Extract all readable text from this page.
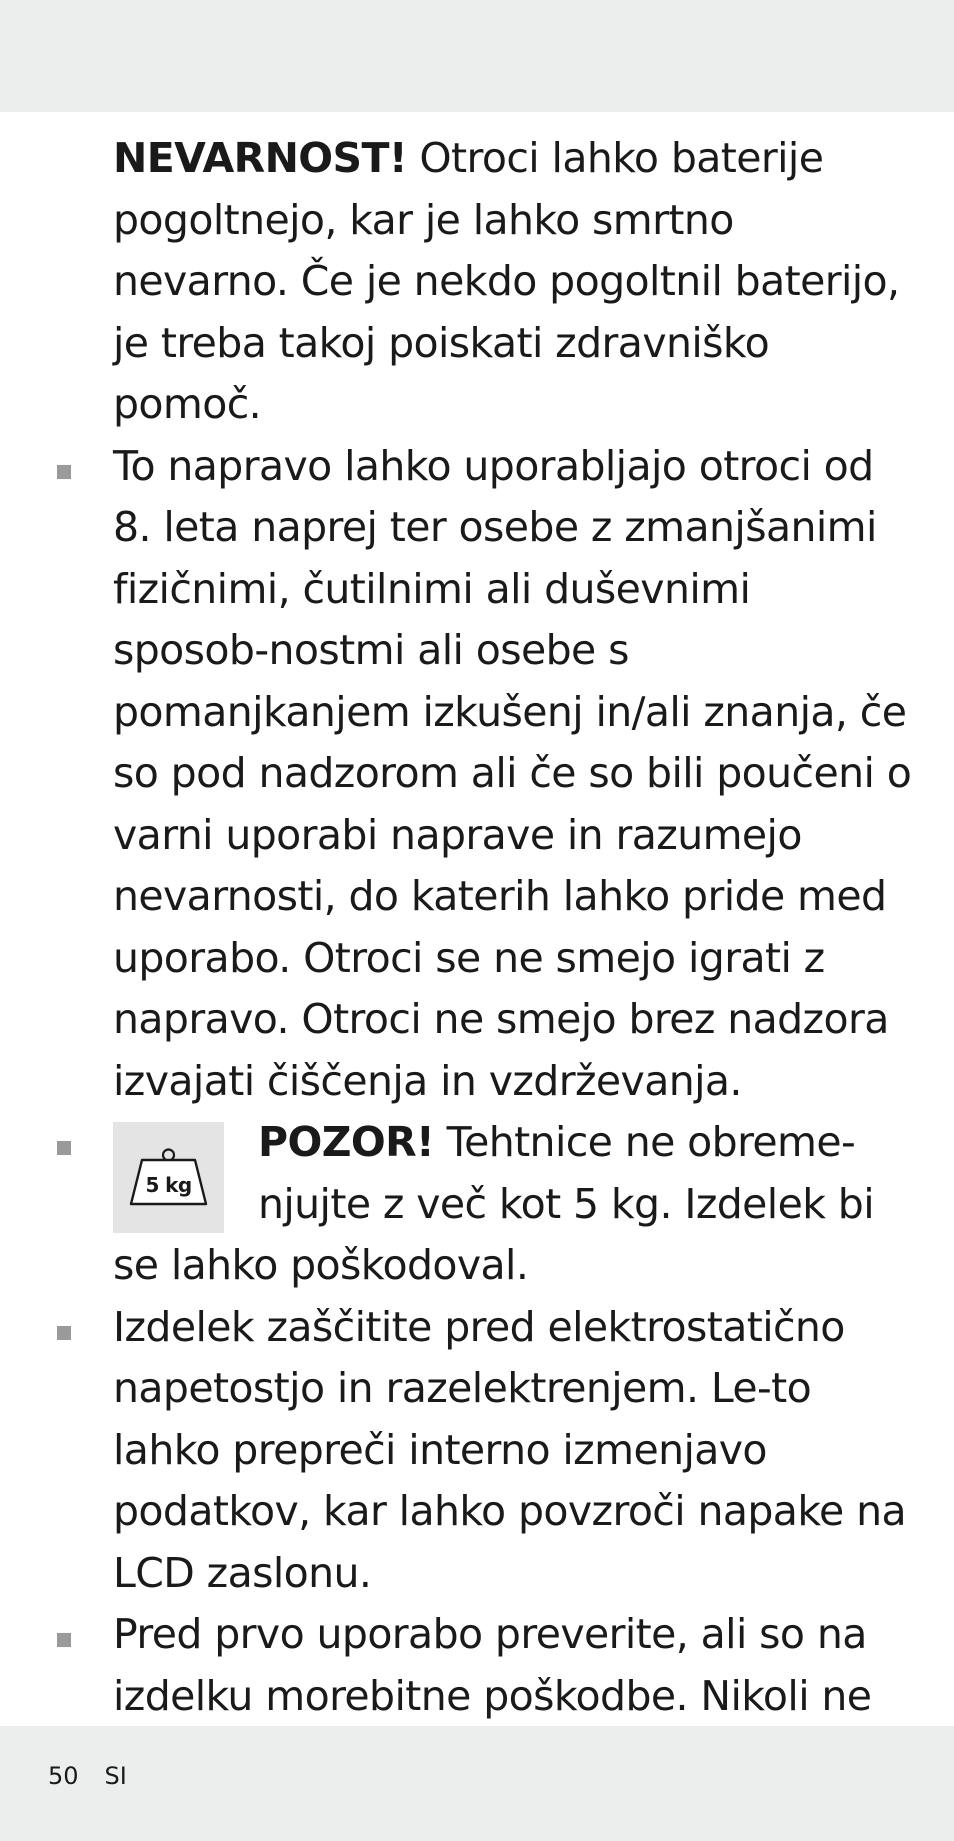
NEVARNOST! Otroci lahko baterije pogoltnejo, kar je lahko smrtno nevarno. Če je nekdo pogoltnil baterijo, je treba takoj poiskati zdravniško pomoč.

To napravo lahko uporabljajo otroci od 8. leta naprej ter osebe z zmanjšanimi fizičnimi, čutilnimi ali duševnimi sposob-nostmi ali osebe s pomanjkanjem izkušenj in/ali znanja, če so pod nadzorom ali če so bili poučeni o varni uporabi naprave in razumejo nevarnosti, do katerih lahko pride med uporabo. Otroci se ne smejo igrati z napravo. Otroci ne smejo brez nadzora izvajati čiščenja in vzdrževanja.

5 kg
POZOR! Tehtnice ne obreme-njujte z več kot 5 kg. Izdelek bi se lahko poškodoval.

Izdelek zaščitite pred elektrostatično napetostjo in razelektrenjem. Le-to lahko prepreči interno izmenjavo podatkov, kar lahko povzroči napake na LCD zaslonu.

Pred prvo uporabo preverite, ali so na izdelku morebitne poškodbe. Nikoli ne

50 SI
